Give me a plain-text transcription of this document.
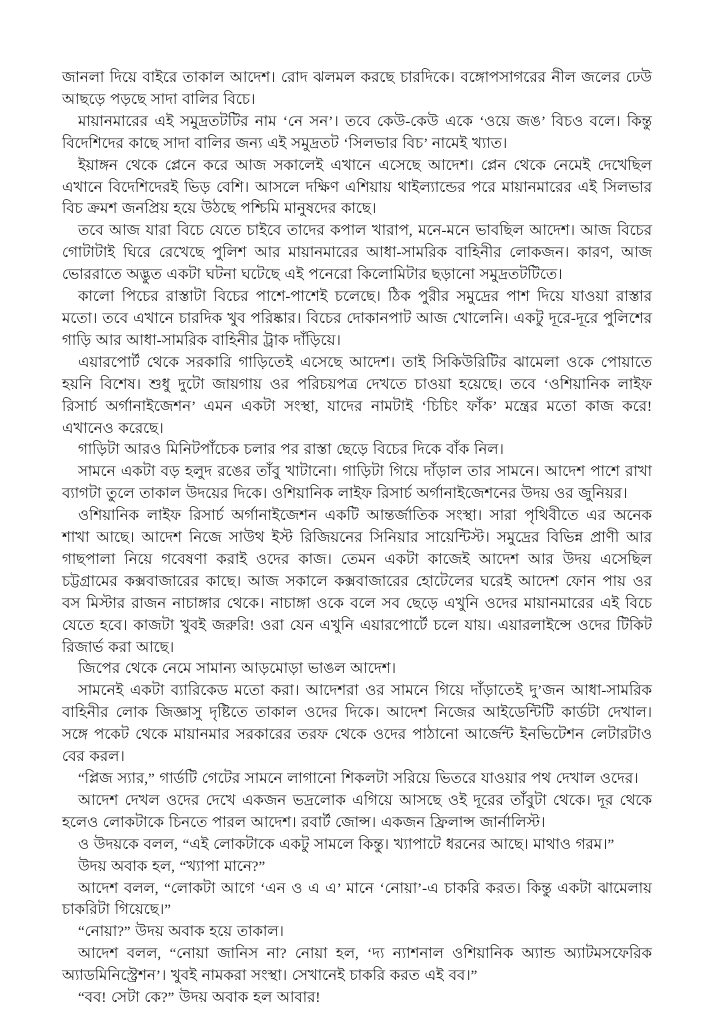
জানলা দিয়ে বাইরে তাকাল আদেশ। রোদ ঝলমল করছে চারদিকে। বঙ্গোপসাগরের নীল জলের ঢেউ আছড়ে পড়ছে সাদা বালির বিচে।

মায়ানমারের এই সমুদ্রতটটির নাম ‘নে সন’। তবে কেউ-কেউ একে ‘ওয়ে জঙ’ বিচও বলে। কিন্তু বিদেশিদের কাছে সাদা বালির জন্য এই সমুদ্রতট ‘সিলভার বিচ’ নামেই খ্যাত।

ইয়াঙ্গন থেকে প্লেনে করে আজ সকালেই এখানে এসেছে আদেশ। প্লেন থেকে নেমেই দেখেছিল এখানে বিদেশিদেরই ভিড় বেশি। আসলে দক্ষিণ এশিয়ায় থাইল্যান্ডের পরে মায়ানমারের এই সিলভার বিচ ক্রমশ জনপ্রিয় হয়ে উঠছে পশ্চিমি মানুষদের কাছে।

তবে আজ যারা বিচে যেতে চাইবে তাদের কপাল খারাপ, মনে-মনে ভাবছিল আদেশ। আজ বিচের গোটাটাই ঘিরে রেখেছে পুলিশ আর মায়ানমারের আধা-সামরিক বাহিনীর লোকজন। কারণ, আজ ভোররাতে অদ্ভুত একটা ঘটনা ঘটেছে এই পনেরো কিলোমিটার ছড়ানো সমুদ্রতটটিতে।

কালো পিচের রাস্তাটা বিচের পাশে-পাশেই চলেছে। ঠিক পুরীর সমুদ্রের পাশ দিয়ে যাওয়া রাস্তার মতো। তবে এখানে চারদিক খুব পরিষ্কার। বিচের দোকানপাট আজ খোলেনি। একটু দূরে-দূরে পুলিশের গাড়ি আর আধা-সামরিক বাহিনীর ট্রাক দাঁড়িয়ে।

এয়ারপোর্ট থেকে সরকারি গাড়িতেই এসেছে আদেশ। তাই সিকিউরিটির ঝামেলা ওকে পোয়াতে হয়নি বিশেষ। শুধু দুটো জায়গায় ওর পরিচয়পত্র দেখতে চাওয়া হয়েছে। তবে ‘ওশিয়ানিক লাইফ রিসার্চ অর্গানাইজেশন’ এমন একটা সংস্থা, যাদের নামটাই ‘চিচিং ফাঁক’ মন্ত্রের মতো কাজ করে! এখানেও করেছে।

গাড়িটা আরও মিনিটপাঁচেক চলার পর রাস্তা ছেড়ে বিচের দিকে বাঁক নিল।

সামনে একটা বড় হলুদ রঙের তাঁবু খাটানো। গাড়িটা গিয়ে দাঁড়াল তার সামনে। আদেশ পাশে রাখা ব্যাগটা তুলে তাকাল উদয়ের দিকে। ওশিয়ানিক লাইফ রিসার্চ অর্গানাইজেশনের উদয় ওর জুনিয়র।

ওশিয়ানিক লাইফ রিসার্চ অর্গানাইজেশন একটি আন্তর্জাতিক সংস্থা। সারা পৃথিবীতে এর অনেক শাখা আছে। আদেশ নিজে সাউথ ইস্ট রিজিয়নের সিনিয়ার সায়েন্টিস্ট। সমুদ্রের বিভিন্ন প্রাণী আর গাছপালা নিয়ে গবেষণা করাই ওদের কাজ। তেমন একটা কাজেই আদেশ আর উদয় এসেছিল চট্টগ্রামের কক্সবাজারের কাছে। আজ সকালে কক্সবাজারের হোটেলের ঘরেই আদেশ ফোন পায় ওর বস মিস্টার রাজন নাচাঙ্গার থেকে। নাচাঙ্গা ওকে বলে সব ছেড়ে এখুনি ওদের মায়ানমারের এই বিচে যেতে হবে। কাজটা খুবই জরুরি! ওরা যেন এখুনি এয়ারপোর্টে চলে যায়। এয়ারলাইন্সে ওদের টিকিট রিজার্ভ করা আছে।

জিপের থেকে নেমে সামান্য আড়মোড়া ভাঙল আদেশ।

সামনেই একটা ব্যারিকেড মতো করা। আদেশরা ওর সামনে গিয়ে দাঁড়াতেই দু’জন আধা-সামরিক বাহিনীর লোক জিজ্ঞাসু দৃষ্টিতে তাকাল ওদের দিকে। আদেশ নিজের আইডেন্টিটি কার্ডটা দেখাল। সঙ্গে পকেট থেকে মায়ানমার সরকারের তরফ থেকে ওদের পাঠানো আর্জেন্ট ইনভিটেশন লেটারটাও বের করল।

“প্লিজ স্যার,” গার্ডটি গেটের সামনে লাগানো শিকলটা সরিয়ে ভিতরে যাওয়ার পথ দেখাল ওদের।

আদেশ দেখল ওদের দেখে একজন ভদ্রলোক এগিয়ে আসছে ওই দূরের তাঁবুটা থেকে। দূর থেকে হলেও লোকটাকে চিনতে পারল আদেশ। রবার্ট জোন্স। একজন ফ্রিলান্স জার্নালিস্ট।

ও উদয়কে বলল, “এই লোকটাকে একটু সামলে কিন্তু। খ্যাপাটে ধরনের আছে। মাথাও গরম।”

উদয় অবাক হল, “খ্যাপা মানে?”

আদেশ বলল, “লোকটা আগে ‘এন ও এ এ’ মানে ‘নোয়া’-এ চাকরি করত। কিন্তু একটা ঝামেলায় চাকরিটা গিয়েছে।”

“নোয়া?” উদয় অবাক হয়ে তাকাল।

আদেশ বলল, “নোয়া জানিস না? নোয়া হল, ‘দ্য ন্যাশনাল ওশিয়ানিক অ্যান্ড অ্যাটমসফেরিক অ্যাডমিনিস্ট্রেশন’। খুবই নামকরা সংস্থা। সেখানেই চাকরি করত এই বব।”

“বব! সেটা কে?” উদয় অবাক হল আবার!
